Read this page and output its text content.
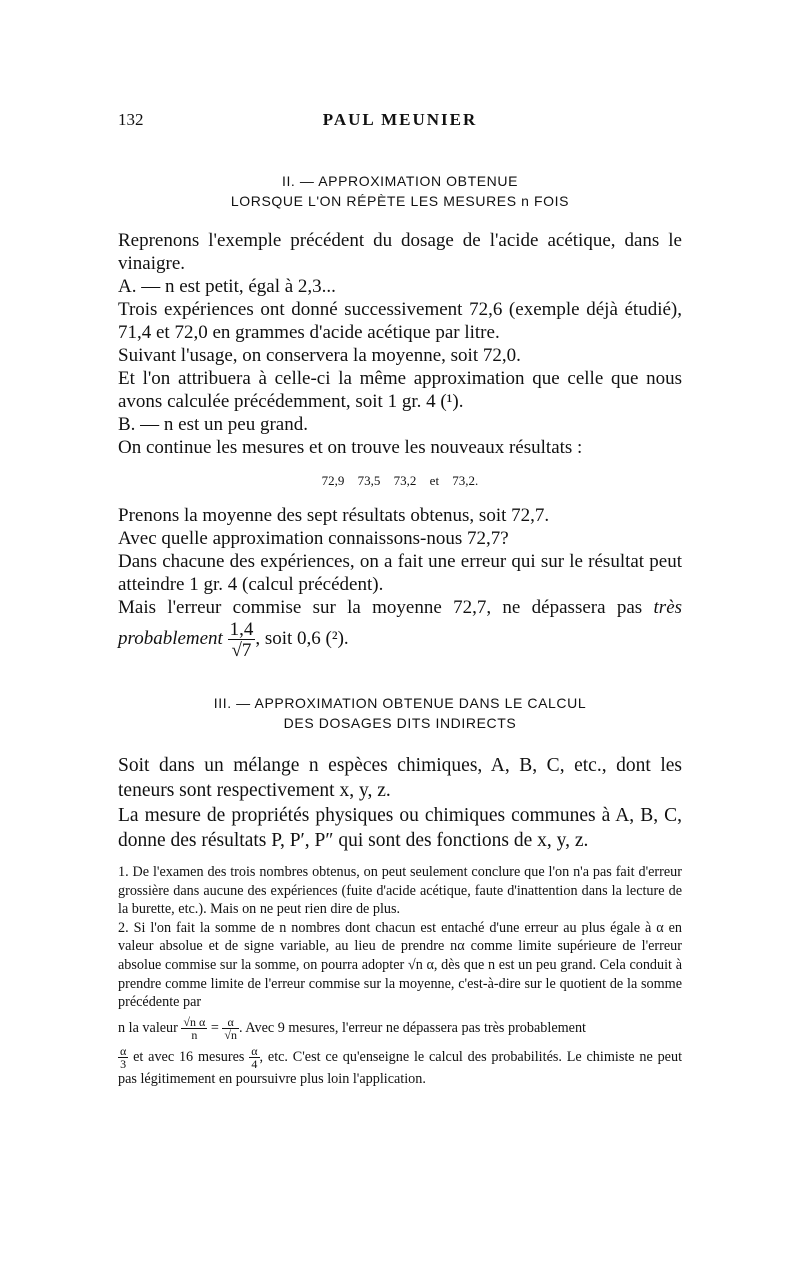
132	PAUL MEUNIER
II. — APPROXIMATION OBTENUE
LORSQUE L'ON RÉPÈTE LES MESURES n FOIS

Reprenons l'exemple précédent du dosage de l'acide acétique, dans le vinaigre.

A. — n est petit, égal à 2,3...

Trois expériences ont donné successivement 72,6 (exemple déjà étudié), 71,4 et 72,0 en grammes d'acide acétique par litre.

Suivant l'usage, on conservera la moyenne, soit 72,0.

Et l'on attribuera à celle-ci la même approximation que celle que nous avons calculée précédemment, soit 1 gr. 4 (¹).

B. — n est un peu grand.

On continue les mesures et on trouve les nouveaux résultats :

72,9 73,5 73,2 et 73,2.

Prenons la moyenne des sept résultats obtenus, soit 72,7.

Avec quelle approximation connaissons-nous 72,7?

Dans chacune des expériences, on a fait une erreur qui sur le résultat peut atteindre 1 gr. 4 (calcul précédent).

Mais l'erreur commise sur la moyenne 72,7, ne dépassera pas très probablement $\frac{1,4}{√7}$ , soit 0,6 (²).

III. — APPROXIMATION OBTENUE DANS LE CALCUL
DES DOSAGES DITS INDIRECTS

Soit dans un mélange n espèces chimiques, A, B, C, etc., dont les teneurs sont respectivement x, y, z.

La mesure de propriétés physiques ou chimiques communes à A, B, C, donne des résultats P, P′, P″ qui sont des fonctions de x, y, z.

1. De l'examen des trois nombres obtenus, on peut seulement conclure que l'on n'a pas fait d'erreur grossière dans aucune des expériences (fuite d'acide acétique, faute d'inattention dans la lecture de la burette, etc.). Mais on ne peut rien dire de plus.

2. Si l'on fait la somme de n nombres dont chacun est entaché d'une erreur au plus égale à α en valeur absolue et de signe variable, au lieu de prendre nα comme limite supérieure de l'erreur absolue commise sur la somme, on pourra adopter √n α, dès que n est un peu grand. Cela conduit à prendre comme limite de l'erreur commise sur la moyenne, c'est-à-dire sur le quotient de la somme précédente par

n la valeur $\frac{\text{√n α}}{n} = \frac{\alpha}{√n}$ . Avec 9 mesures, l'erreur ne dépassera pas très probablement

$\frac{\alpha}{3}$ et avec 16 mesures $\frac{\alpha}{4}$ , etc. C'est ce qu'enseigne le calcul des probabilités. Le chimiste ne peut pas légitimement en poursuivre plus loin l'application.
